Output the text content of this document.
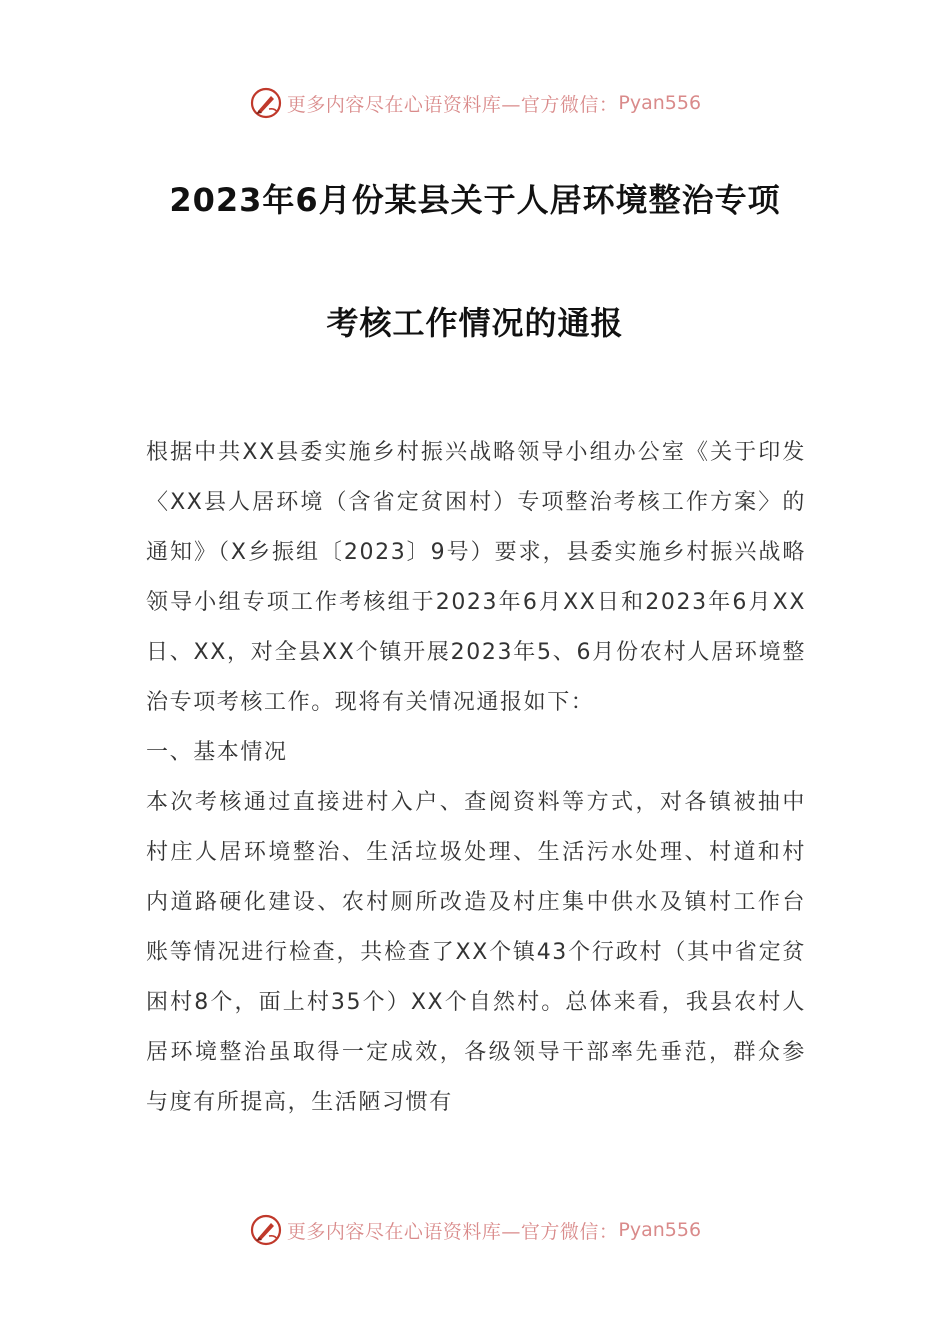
更多内容尽在心语资料库—官方微信： Pyan556
2023年6月份某县关于人居环境整治专项
考核工作情况的通报

根据中共XX县委实施乡村振兴战略领导小组办公室《关于印发〈XX县人居环境（含省定贫困村）专项整治考核工作方案〉的通知》（X乡振组〔2023〕9号）要求，县委实施乡村振兴战略领导小组专项工作考核组于2023年6月XX日和2023年6月XX日、XX，对全县XX个镇开展2023年5、6月份农村人居环境整治专项考核工作。现将有关情况通报如下：

一、基本情况

本次考核通过直接进村入户、查阅资料等方式，对各镇被抽中村庄人居环境整治、生活垃圾处理、生活污水处理、村道和村内道路硬化建设、农村厕所改造及村庄集中供水及镇村工作台账等情况进行检查，共检查了XX个镇43个行政村（其中省定贫困村8个，面上村35个）XX个自然村。总体来看，我县农村人居环境整治虽取得一定成效，各级领导干部率先垂范，群众参与度有所提高，生活陋习惯有

更多内容尽在心语资料库—官方微信： Pyan556
